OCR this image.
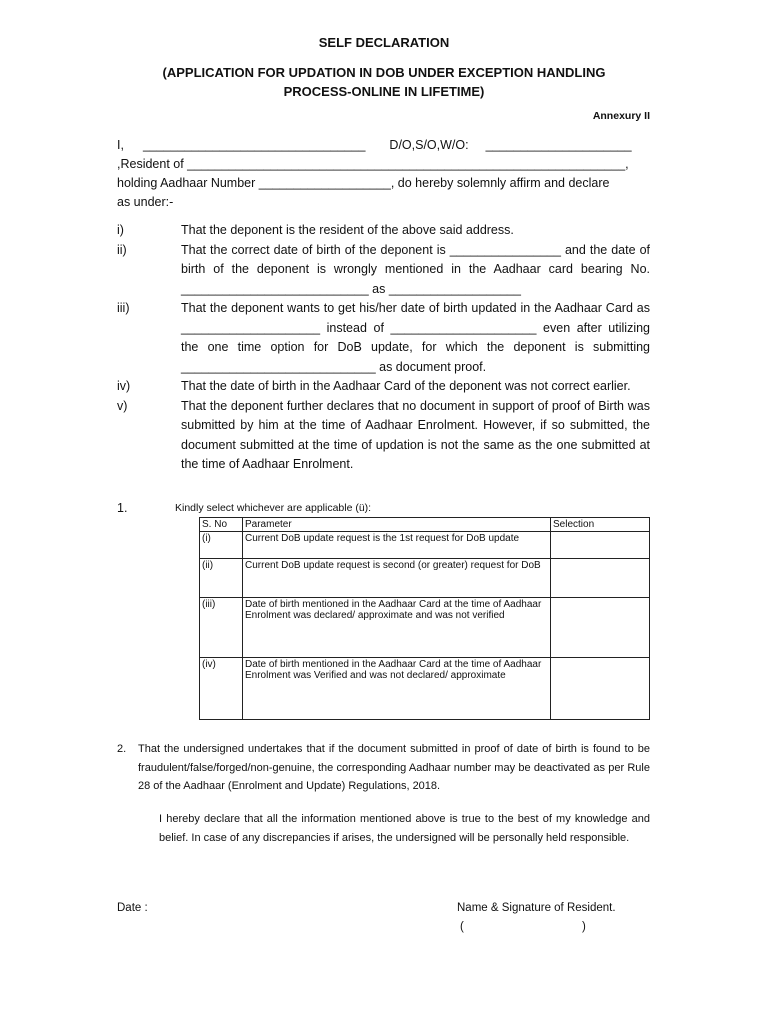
SELF DECLARATION
(APPLICATION FOR UPDATION IN DOB UNDER EXCEPTION HANDLING PROCESS-ONLINE IN LIFETIME)
Annexury II
I, ________________________________ D/O,S/O,W/O: _____________________
,Resident of _______________________________________________________________,
holding Aadhaar Number ___________________, do hereby solemnly affirm and declare
as under:-
i)	That the deponent is the resident of the above said address.
ii)	That the correct date of birth of the deponent is ________________ and the date of birth of the deponent is wrongly mentioned in the Aadhaar card bearing No. ___________________________ as ___________________
iii)	That the deponent wants to get his/her date of birth updated in the Aadhaar Card as ____________________ instead of _____________________ even after utilizing the one time option for DoB update, for which the deponent is submitting ____________________________ as document proof.
iv)	That the date of birth in the Aadhaar Card of the deponent was not correct earlier.
v)	That the deponent further declares that no document in support of proof of Birth was submitted by him at the time of Aadhaar Enrolment. However, if so submitted, the document submitted at the time of updation is not the same as the one submitted at the time of Aadhaar Enrolment.
1.	Kindly select whichever are applicable (ü):
S. No	Parameter	Selection
(i)	Current DoB update request is the 1st request for DoB update	
(ii)	Current DoB update request is second (or greater) request for DoB	
(iii)	Date of birth mentioned in the Aadhaar Card at the time of Aadhaar Enrolment was declared/ approximate and was not verified	
(iv)	Date of birth mentioned in the Aadhaar Card at the time of Aadhaar Enrolment was Verified and was not declared/ approximate	
2.	That the undersigned undertakes that if the document submitted in proof of date of birth is found to be fraudulent/false/forged/non-genuine, the corresponding Aadhaar number may be deactivated as per Rule 28 of the Aadhaar (Enrolment and Update) Regulations, 2018.
I hereby declare that all the information mentioned above is true to the best of my knowledge and belief. In case of any discrepancies if arises, the undersigned will be personally held responsible.
Date :	Name & Signature of Resident.
(                                     )
